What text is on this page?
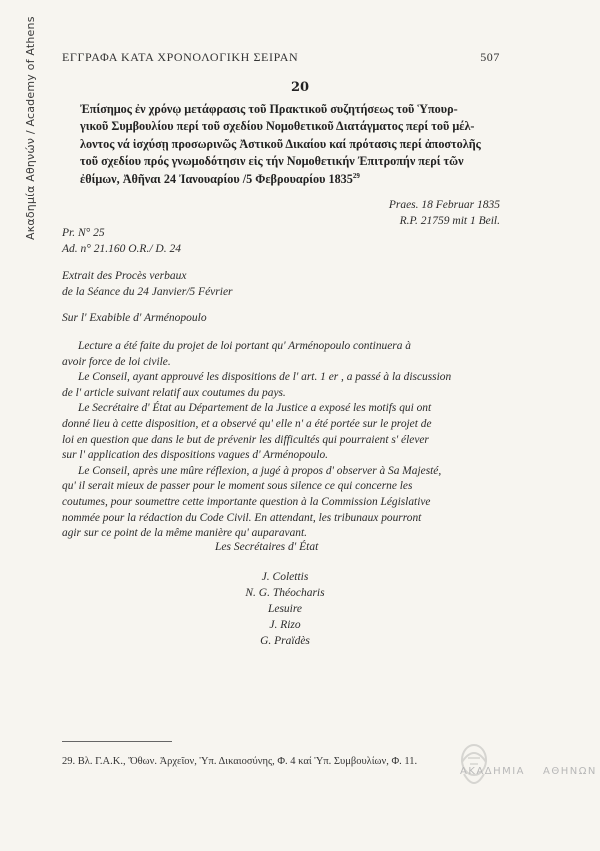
Ακαδημία Αθηνών / Academy of Athens ΕΓΓΡΑΦΑ ΚΑΤΑ ΧΡΟΝΟΛΟΓΙΚΗ ΣΕΙΡΑΝ	507
20
Ἐπίσημος ἐν χρόνῳ μετάφρασις τοῦ Πρακτικοῦ συζητήσεως τοῦ Ὑπουρ-
γικοῦ Συμβουλίου περί τοῦ σχεδίου Νομοθετικοῦ Διατάγματος περί τοῦ μέλ-
λοντος νά ἰσχύσῃ προσωρινῶς Ἀστικοῦ Δικαίου καί πρότασις περί ἀποστολῆς
τοῦ σχεδίου πρός γνωμοδότησιν εἰς τήν Νομοθετικήν Ἐπιτροπήν περί τῶν
ἐθίμων, Ἀθῆναι 24 Ἰανουαρίου /5 Φεβρουαρίου 1835$^{29}$
Praes. 18 Februar 1835
R.P. 21759 mit 1 Beil.
Pr. N° 25
Ad. n° 21.160 O.R./ D. 24
Extrait des Procès verbaux
de la Séance du 24 Janvier/5 Février
Sur l' Exabible d' Arménopoulo
Lecture a été faite du projet de loi portant qu' Arménopoulo continuera à
avoir force de loi civile.
Le Conseil, ayant approuvé les dispositions de l' art. 1 er , a passé à la discussion
de l' article suivant relatif aux coutumes du pays.
Le Secrétaire d' État au Département de la Justice a exposé les motifs qui ont
donné lieu à cette disposition, et a observé qu' elle n' a été portée sur le projet de
loi en question que dans le but de prévenir les difficultés qui pourraient s' élever
sur l' application des dispositions vagues d' Arménopoulo.
Le Conseil, après une mûre réflexion, a jugé à propos d' observer à Sa Majesté,
qu' il serait mieux de passer pour le moment sous silence ce qui concerne les
coutumes, pour soumettre cette importante question à la Commission Législative
nommée pour la rédaction du Code Civil. En attendant, les tribunaux pourront
agir sur ce point de la même manière qu' auparavant.
Les Secrétaires d' État
J. Colettis
N. G. Théocharis
Lesuire
J. Rizo
G. Praïdès
29. Βλ. Γ.Α.Κ., Ὄθων. Ἀρχεῖον, Ὑπ. Δικαιοσύνης, Φ. 4 καί Ὑπ. Συμβουλίων, Φ. 11.
ΑΚΑΔΗΜΙΑ ΑΘΗΝΩΝ
